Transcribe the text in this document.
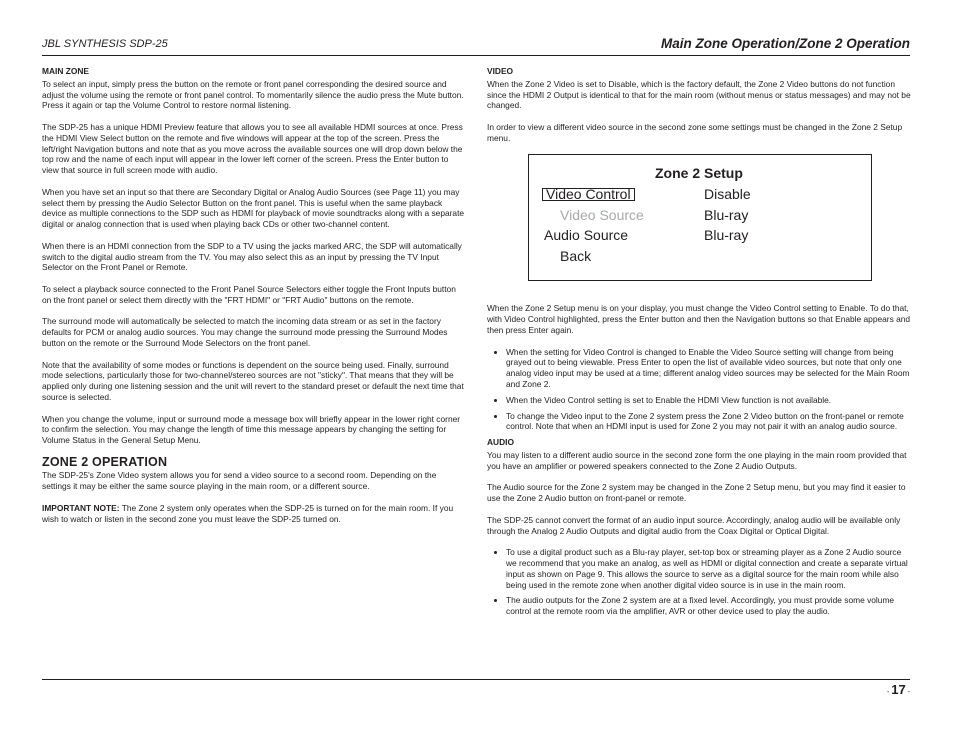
JBL SYNTHESIS SDP-25	Main Zone Operation/Zone 2 Operation
MAIN ZONE

To select an input, simply press the button on the remote or front panel corresponding the desired source and adjust the volume using the remote or front panel control. To momentarily silence the audio press the Mute button. Press it again or tap the Volume Control to restore normal listening.

The SDP-25 has a unique HDMI Preview feature that allows you to see all available HDMI sources at once. Press the HDMI View Select button on the remote and five windows will appear at the top of the screen. Press the left/right Navigation buttons and note that as you move across the available sources one will drop down below the top row and the name of each input will appear in the lower left corner of the screen. Press the Enter button to view that source in full screen mode with audio.

When you have set an input so that there are Secondary Digital or Analog Audio Sources (see Page 11) you may select them by pressing the Audio Selector Button on the front panel. This is useful when the same playback device as multiple connections to the SDP such as HDMI for playback of movie soundtracks along with a separate digital or analog connection that is used when playing back CDs or other two-channel content.

When there is an HDMI connection from the SDP to a TV using the jacks marked ARC, the SDP will automatically switch to the digital audio stream from the TV. You may also select this as an input by pressing the TV Input Selector on the Front Panel or Remote.

To select a playback source connected to the Front Panel Source Selectors either toggle the Front Inputs button on the front panel or select them directly with the "FRT HDMI" or "FRT Audio" buttons on the remote.

The surround mode will automatically be selected to match the incoming data stream or as set in the factory defaults for PCM or analog audio sources. You may change the surround mode pressing the Surround Modes button on the remote or the Surround Mode Selectors on the front panel.

Note that the availability of some modes or functions is dependent on the source being used. Finally, surround mode selections, particularly those for two-channel/stereo sources are not "sticky". That means that they will be applied only during one listening session and the unit will revert to the standard preset or default the next time that source is selected.

When you change the volume, input or surround mode a message box will briefly appear in the lower right corner to confirm the selection. You may change the length of time this message appears by changing the setting for Volume Status in the General Setup Menu.

ZONE 2 OPERATION

The SDP-25's Zone Video system allows you for send a video source to a second room. Depending on the settings it may be either the same source playing in the main room, or a different source.

IMPORTANT NOTE: The Zone 2 system only operates when the SDP-25 is turned on for the main room. If you wish to watch or listen in the second zone you must leave the SDP-25 turned on.

VIDEO

When the Zone 2 Video is set to Disable, which is the factory default, the Zone 2 Video buttons do not function since the HDMI 2 Output is identical to that for the main room (without menus or status messages) and may not be changed.

In order to view a different video source in the second zone some settings must be changed in the Zone 2 Setup menu.

Zone 2 Setup
Video Control	Disable
Video Source	Blu-ray
Audio Source	Blu-ray
Back

When the Zone 2 Setup menu is on your display, you must change the Video Control setting to Enable. To do that, with Video Control highlighted, press the Enter button and then the Navigation buttons so that Enable appears and then press Enter again.

• When the setting for Video Control is changed to Enable the Video Source setting will change from being grayed out to being viewable. Press Enter to open the list of available video sources, but note that only one analog video input may be used at a time; different analog video sources may be selected for the Main Room and Zone 2.
• When the Video Control setting is set to Enable the HDMI View function is not available.
• To change the Video input to the Zone 2 system press the Zone 2 Video button on the front-panel or remote control. Note that when an HDMI input is used for Zone 2 you may not pair it with an analog audio source.
AUDIO

You may listen to a different audio source in the second zone form the one playing in the main room provided that you have an amplifier or powered speakers connected to the Zone 2 Audio Outputs.

The Audio source for the Zone 2 system may be changed in the Zone 2 Setup menu, but you may find it easier to use the Zone 2 Audio button on front-panel or remote.

The SDP-25 cannot convert the format of an audio input source. Accordingly, analog audio will be available only through the Analog 2 Audio Outputs and digital audio from the Coax Digital or Optical Digital.

• To use a digital product such as a Blu-ray player, set-top box or streaming player as a Zone 2 Audio source we recommend that you make an analog, as well as HDMI or digital connection and create a separate virtual input as shown on Page 9. This allows the source to serve as a digital source for the main room while also being used in the remote zone when another digital video source is in use in the main room.
• The audio outputs for the Zone 2 system are at a fixed level. Accordingly, you must provide some volume control at the remote room via the amplifier, AVR or other device used to play the audio.
- 17 -
